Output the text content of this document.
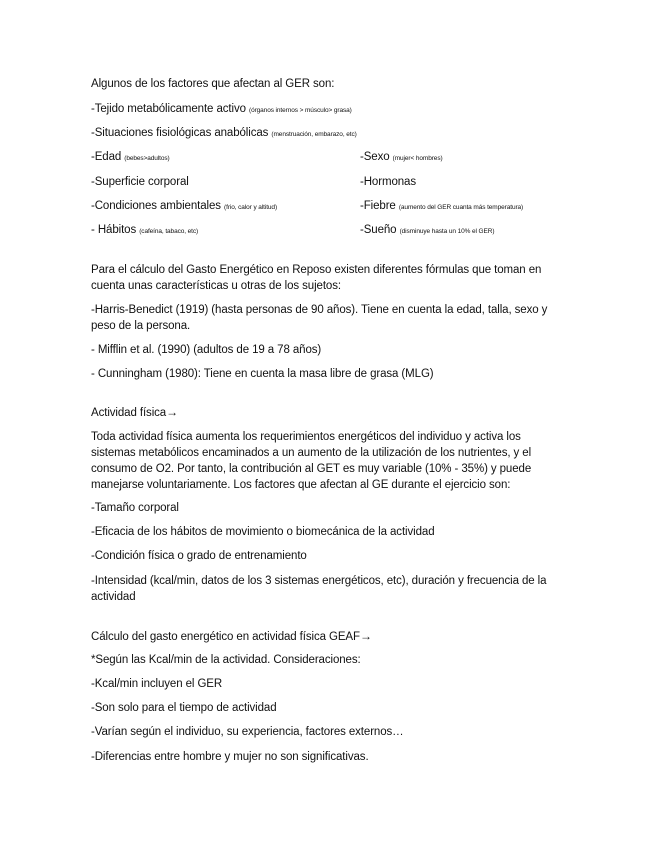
Algunos de los factores que afectan al GER son:
-Tejido metabólicamente activo (órganos internos > músculo> grasa)
-Situaciones fisiológicas anabólicas (menstruación, embarazo, etc)
-Edad (bebes>adultos)	-Sexo (mujer< hombres)
-Superficie corporal	-Hormonas
-Condiciones ambientales (frio, calor y altitud)	-Fiebre (aumento del GER cuanta más temperatura)
- Hábitos (cafeína, tabaco, etc)	-Sueño (disminuye hasta un 10% el GER)
Para el cálculo del Gasto Energético en Reposo existen diferentes fórmulas que toman en cuenta unas características u otras de los sujetos:
-Harris-Benedict (1919) (hasta personas de 90 años). Tiene en cuenta la edad, talla, sexo y peso de la persona.
- Mifflin et al. (1990) (adultos de 19 a 78 años)
- Cunningham (1980): Tiene en cuenta la masa libre de grasa (MLG)
Actividad física→
Toda actividad física aumenta los requerimientos energéticos del individuo y activa los sistemas metabólicos encaminados a un aumento de la utilización de los nutrientes, y el consumo de O2. Por tanto, la contribución al GET es muy variable (10% - 35%) y puede manejarse voluntariamente. Los factores que afectan al GE durante el ejercicio son:
-Tamaño corporal
-Eficacia de los hábitos de movimiento o biomecánica de la actividad
-Condición física o grado de entrenamiento
-Intensidad (kcal/min, datos de los 3 sistemas energéticos, etc), duración y frecuencia de la actividad
Cálculo del gasto energético en actividad física GEAF→
*Según las Kcal/min de la actividad. Consideraciones:
-Kcal/min incluyen el GER
-Son solo para el tiempo de actividad
-Varían según el individuo, su experiencia, factores externos…
-Diferencias entre hombre y mujer no son significativas.
